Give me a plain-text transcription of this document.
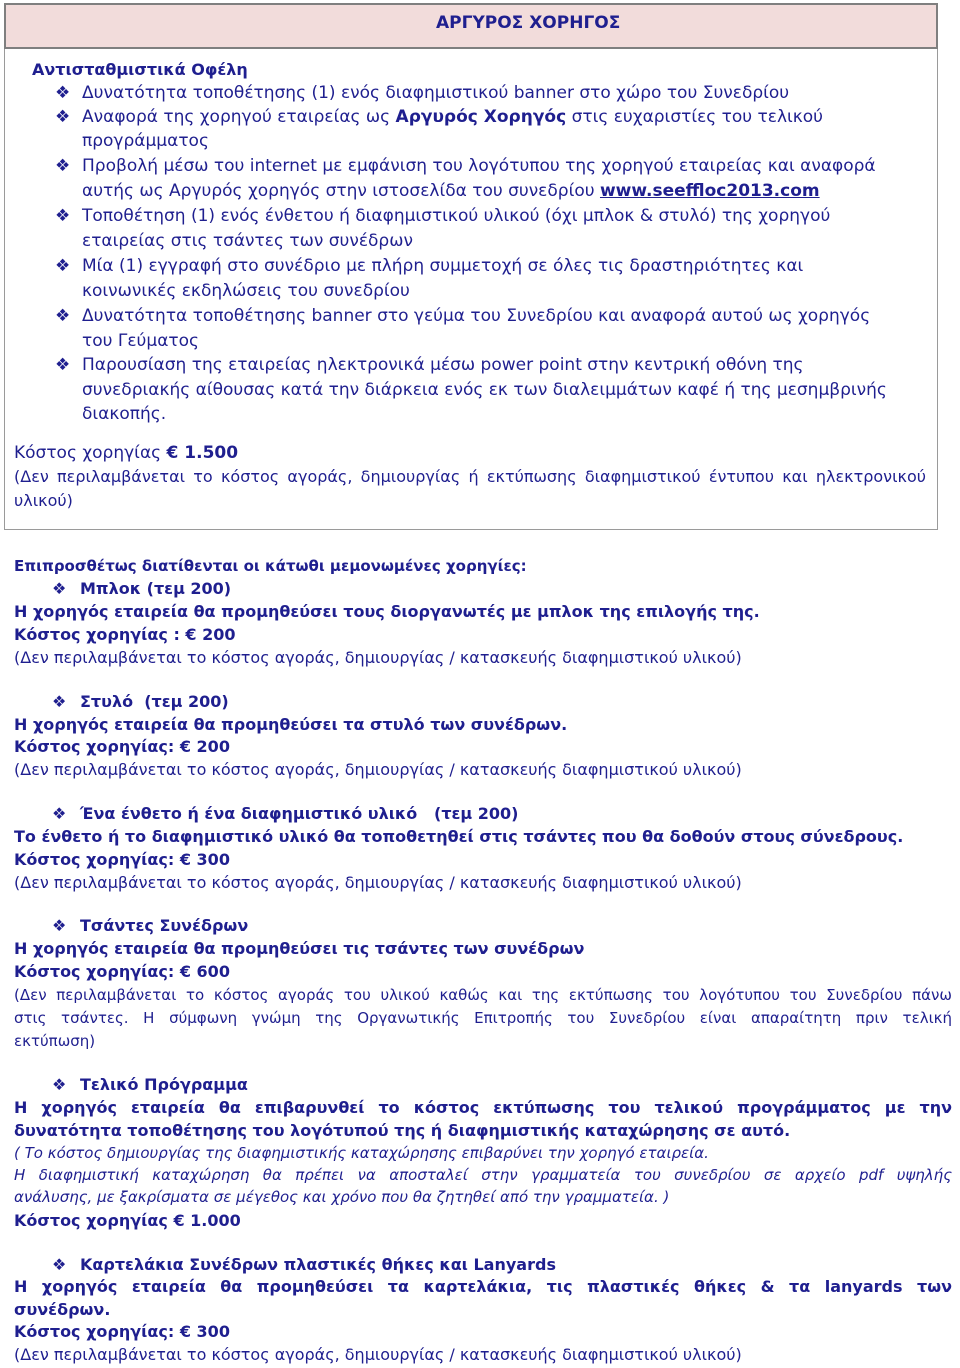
ΑΡΓΥΡΟΣ ΧΟΡΗΓΟΣ
Αντισταθμιστικά Οφέλη
❖ Δυνατότητα τοποθέτησης (1) ενός διαφημιστικού banner στο χώρο του Συνεδρίου
❖ Αναφορά της χορηγού εταιρείας ως Αργυρός Χορηγός στις ευχαριστίες του τελικού
προγράμματος
❖ Προβολή μέσω του internet με εμφάνιση του λογότυπου της χορηγού εταιρείας και αναφορά
αυτής ως Αργυρός χορηγός στην ιστοσελίδα του συνεδρίου www.seeffloc2013.com
❖ Τοποθέτηση (1) ενός ένθετου ή διαφημιστικού υλικού (όχι μπλοκ & στυλό) της χορηγού
εταιρείας στις τσάντες των συνέδρων
❖ Μία (1) εγγραφή στο συνέδριο με πλήρη συμμετοχή σε όλες τις δραστηριότητες και
κοινωνικές εκδηλώσεις του συνεδρίου
❖ Δυνατότητα τοποθέτησης banner στο γεύμα του Συνεδρίου και αναφορά αυτού ως χορηγός
του Γεύματος
❖ Παρουσίαση της εταιρείας ηλεκτρονικά μέσω power point στην κεντρική οθόνη της
συνεδριακής αίθουσας κατά την διάρκεια ενός εκ των διαλειμμάτων καφέ ή της μεσημβρινής
διακοπής.
Κόστος χορηγίας € 1.500
(Δεν περιλαμβάνεται το κόστος αγοράς, δημιουργίας ή εκτύπωσης διαφημιστικού έντυπου και ηλεκτρονικού
υλικού)
Επιπροσθέτως διατίθενται οι κάτωθι μεμονωμένες χορηγίες:
❖ Μπλοκ (τεμ 200)
Η χορηγός εταιρεία θα προμηθεύσει τους διοργανωτές με μπλοκ της επιλογής της.
Κόστος χορηγίας : € 200
(Δεν περιλαμβάνεται το κόστος αγοράς, δημιουργίας / κατασκευής διαφημιστικού υλικού)
❖ Στυλό  (τεμ 200)
Η χορηγός εταιρεία θα προμηθεύσει τα στυλό των συνέδρων.
Κόστος χορηγίας: € 200
(Δεν περιλαμβάνεται το κόστος αγοράς, δημιουργίας / κατασκευής διαφημιστικού υλικού)
❖ Ένα ένθετο ή ένα διαφημιστικό υλικό   (τεμ 200)
Το ένθετο ή το διαφημιστικό υλικό θα τοποθετηθεί στις τσάντες που θα δοθούν στους σύνεδρους.
Κόστος χορηγίας: € 300
(Δεν περιλαμβάνεται το κόστος αγοράς, δημιουργίας / κατασκευής διαφημιστικού υλικού)
❖ Τσάντες Συνέδρων
Η χορηγός εταιρεία θα προμηθεύσει τις τσάντες των συνέδρων
Κόστος χορηγίας: € 600
(Δεν περιλαμβάνεται το κόστος αγοράς του υλικού καθώς και της εκτύπωσης του λογότυπου του Συνεδρίου πάνω
στις τσάντες. Η σύμφωνη γνώμη της Οργανωτικής Επιτροπής του Συνεδρίου είναι απαραίτητη πριν τελική
εκτύπωση)
❖ Τελικό Πρόγραμμα
Η χορηγός εταιρεία θα επιβαρυνθεί το κόστος εκτύπωσης του τελικού προγράμματος με την
δυνατότητα τοποθέτησης του λογότυπού της ή διαφημιστικής καταχώρησης σε αυτό.
( Το κόστος δημιουργίας της διαφημιστικής καταχώρησης επιβαρύνει την χορηγό εταιρεία.
Η διαφημιστική καταχώρηση θα πρέπει να αποσταλεί στην γραμματεία του συνεδρίου σε αρχείο pdf υψηλής
ανάλυσης, με ξακρίσματα σε μέγεθος και χρόνο που θα ζητηθεί από την γραμματεία. )
Κόστος χορηγίας € 1.000
❖ Καρτελάκια Συνέδρων πλαστικές θήκες και Lanyards
Η χορηγός εταιρεία θα προμηθεύσει τα καρτελάκια, τις πλαστικές θήκες & τα lanyards των
συνέδρων.
Κόστος χορηγίας: € 300
(Δεν περιλαμβάνεται το κόστος αγοράς, δημιουργίας / κατασκευής διαφημιστικού υλικού)
